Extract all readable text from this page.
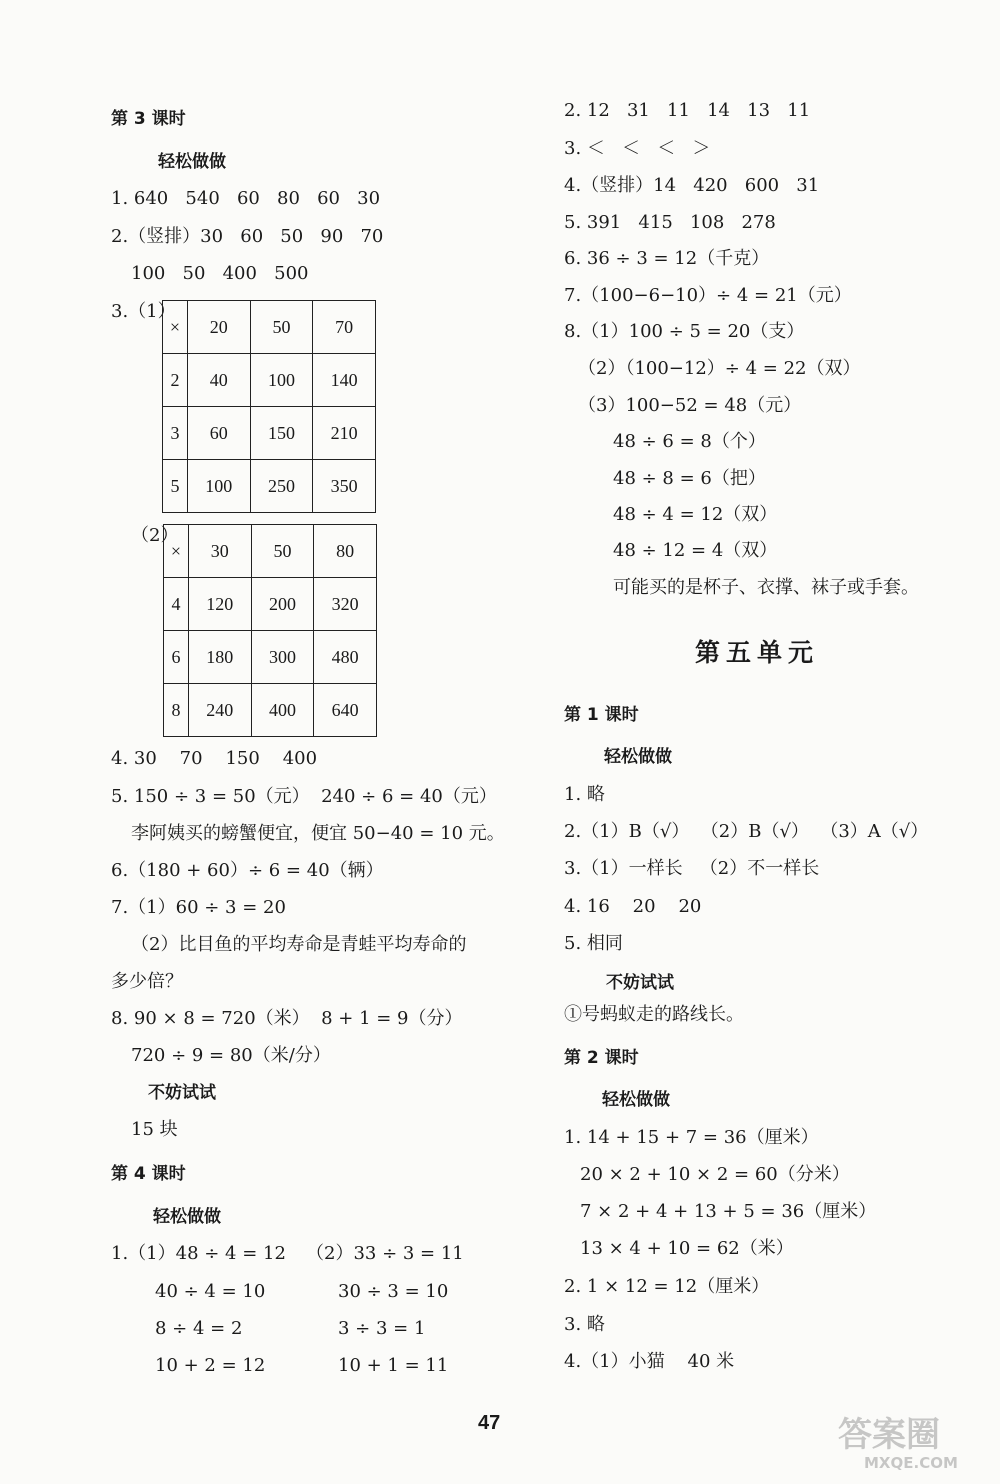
第 3 课时
轻松做做
1. 640   540   60   80   60   30
2.（竖排）30   60   50   90   70
100   50   400   500
3.（1）
×	20	50	70
2	40	100	140
3	60	150	210
5	100	250	350
（2）
×	30	50	80
4	120	200	320
6	180	300	480
8	240	400	640
4. 30    70    150    400
5. 150 ÷ 3 = 50（元）  240 ÷ 6 = 40（元）
李阿姨买的螃蟹便宜，便宜 50−40 = 10 元。
6.（180 + 60）÷ 6 = 40（辆）
7.（1）60 ÷ 3 = 20
（2）比目鱼的平均寿命是青蛙平均寿命的
多少倍？
8. 90 × 8 = 720（米）  8 + 1 = 9（分）
720 ÷ 9 = 80（米/分）
不妨试试
15 块
第 4 课时
轻松做做
1.（1）48 ÷ 4 = 12
40 ÷ 4 = 10
8 ÷ 4 = 2
10 + 2 = 12
（2）33 ÷ 3 = 11
30 ÷ 3 = 10
3 ÷ 3 = 1
10 + 1 = 11
2. 12   31   11   14   13   11
3. ＜   ＜   ＜   ＞
4.（竖排）14   420   600   31
5. 391   415   108   278
6. 36 ÷ 3 = 12（千克）
7.（100−6−10）÷ 4 = 21（元）
8.（1）100 ÷ 5 = 20（支）
（2）（100−12）÷ 4 = 22（双）
（3）100−52 = 48（元）
48 ÷ 6 = 8（个）
48 ÷ 8 = 6（把）
48 ÷ 4 = 12（双）
48 ÷ 12 = 4（双）
可能买的是杯子、衣撑、袜子或手套。
第五单元
第 1 课时
轻松做做
1. 略
2.（1）B（√）  （2）B（√）  （3）A（√）
3.（1）一样长   （2）不一样长
4. 16    20    20
5. 相同
不妨试试
①号蚂蚁走的路线长。
第 2 课时
轻松做做
1. 14 + 15 + 7 = 36（厘米）
20 × 2 + 10 × 2 = 60（分米）
7 × 2 + 4 + 13 + 5 = 36（厘米）
13 × 4 + 10 = 62（米）
2. 1 × 12 = 12（厘米）
3. 略
4.（1）小猫    40 米
47	答案圈
MXQE.COM
